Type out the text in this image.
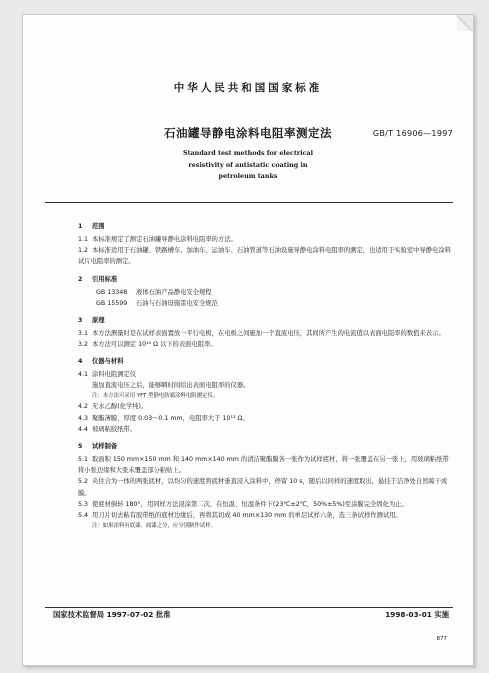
中华人民共和国国家标准
石油罐导静电涂料电阻率测定法	GB/T 16906—1997
Standard test methods for electrical
resistivity of antistatic coating in
petroleum tanks
1 范围
1.1 本标准规定了测定石油罐导静电涂料电阻率的方法。
1.2 本标准适用于石油罐、铁路槽车、加油车、运油车、石油管道等石油设施导静电涂料电阻率的测定，也适用于实验室中导静电涂料试片电阻率的测定。
2 引用标准
GB 13348 液体石油产品静电安全规程
GB 15599 石油与石油设施雷电安全规范
3 原理
3.1 本方法测量时是在试样表面置放一平行电极，在电极之间施加一个直流电压，其间所产生的电流值以表面电阻率的数值来表示。
3.2 本方法可以测定 10¹⁰ Ω 以下的表面电阻率。
4 仪器与材料
4.1 涂料电阻测定仪
施加直流电压之后，能够瞬时间给出表面电阻率的仪器。
注：本方法可采用 YFT 型静电防腐涂料电阻测定仪。
4.2 无水乙醇(化学纯)。
4.3 聚酯薄膜，厚度 0.03～0.1 mm，电阻率大于 10¹³ Ω。
4.4 玻璃粘胶纸带。
5 试样制备
5.1 取面积 150 mm×150 mm 和 140 mm×140 mm 的清洁聚酯膜各一张作为试样底材，将一张覆盖在另一张上，用玻璃粘纸带将小张边缘和大张未覆盖部分粘贴上。
5.2 夹住合为一体的两张底材，以均匀的速度将底材垂直浸入涂料中，停留 10 s，随后以同样的速度取出，悬挂于洁净处自然晾干或膜。
5.3 使底材倒转 180°，用同样方法浸涂第二次，在恒温、恒湿条件下(23℃±2℃，50%±5%)至涂膜完全固化为止。
5.4 用刀片切去粘有胶带纸的底材边缘后，再将其切成 40 mm×130 mm 的单层试样六条，选三条试样作测试用。
注：如果涂料有底漆、面漆之分，应分别制作试样。
国家技术监督局 1997-07-02 批准	1998-03-01 实施
877
